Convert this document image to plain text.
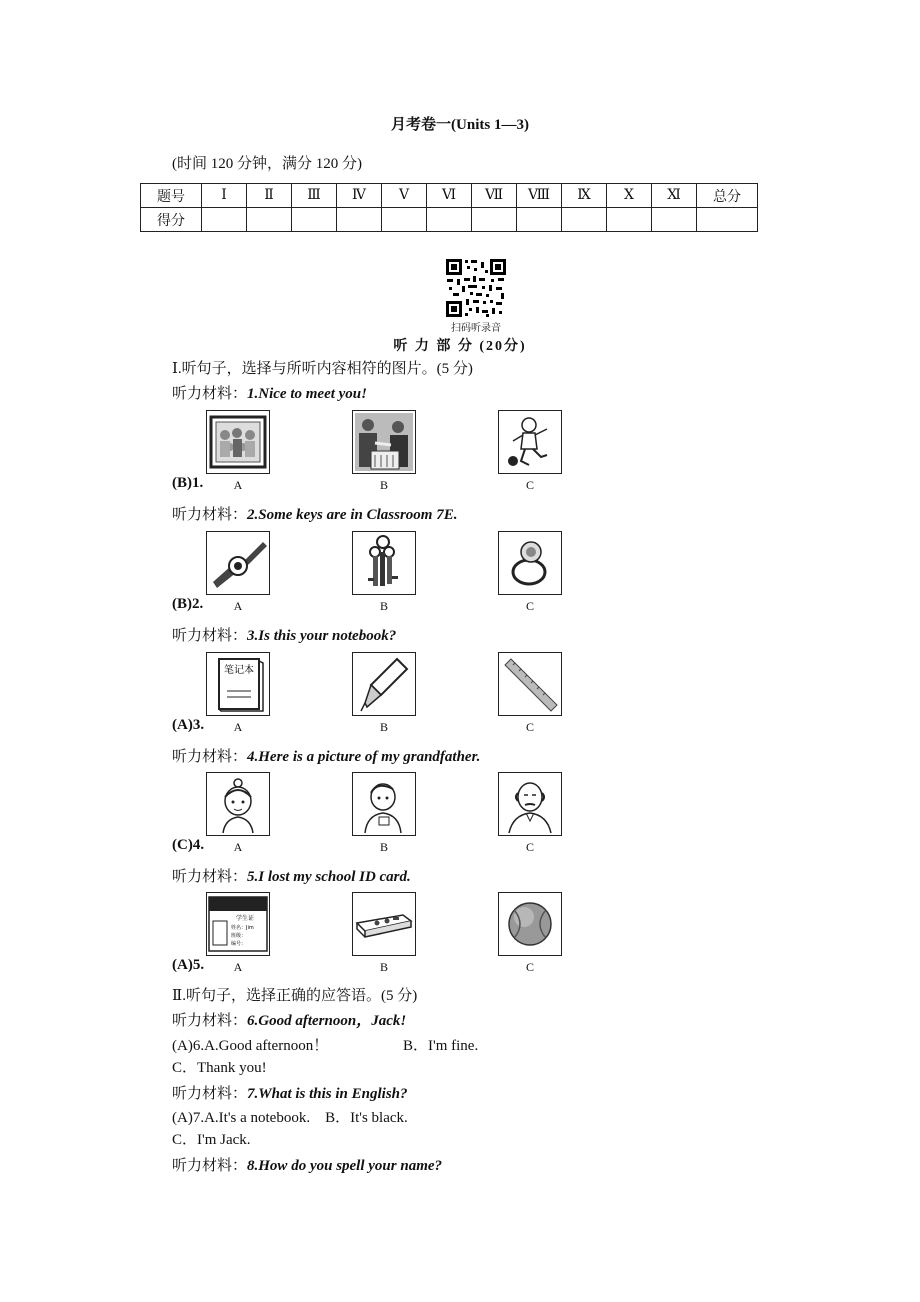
月考卷一(Units 1—3)
(时间 120 分钟，满分 120 分)
题号	Ⅰ	Ⅱ	Ⅲ	Ⅳ	Ⅴ	Ⅵ	Ⅶ	Ⅷ	Ⅸ	Ⅹ	Ⅺ	总分
得分												
扫码听录音
听 力 部 分 (20分)
Ⅰ.听句子，选择与所听内容相符的图片。(5 分)
听力材料：1.Nice to meet you!
(B)1.	A	B	C
听力材料：2.Some keys are in Classroom 7E.
(B)2.	A	B	C
听力材料：3.Is this your notebook?
笔记本
(A)3.	A	B	C
听力材料：4.Here is a picture of my grandfather.
(C)4.	A	B	C
听力材料：5.I lost my school ID card.
学生证
姓名：Jim
班级：
编号：
(A)5.	A	B	C
Ⅱ.听句子，选择正确的应答语。(5 分)
听力材料：6.Good afternoon，Jack!
(A)6.A.Good afternoon！	B．I'm fine.
C．Thank you!
听力材料：7.What is this in English?
(A)7.A.It's a notebook.　B．It's black.
C．I'm Jack.
听力材料：8.How do you spell your name?
